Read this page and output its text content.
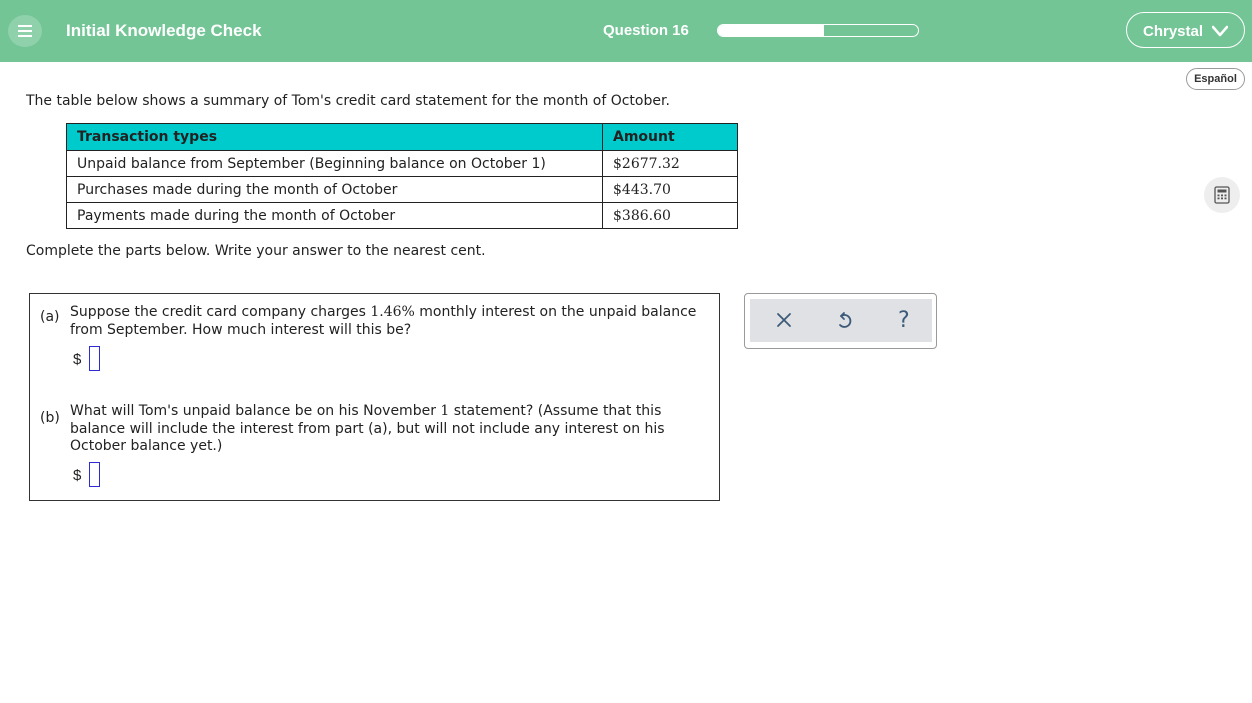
Initial Knowledge Check	Question 16	Chrystal
Español
The table below shows a summary of Tom's credit card statement for the month of October.
Transaction types	Amount
Unpaid balance from September (Beginning balance on October 1)	$2677.32
Purchases made during the month of October	$443.70
Payments made during the month of October	$386.60
Complete the parts below. Write your answer to the nearest cent.
(a) Suppose the credit card company charges 1.46% monthly interest on the unpaid balance from September. How much interest will this be?
$
(b) What will Tom's unpaid balance be on his November 1 statement? (Assume that this balance will include the interest from part (a), but will not include any interest on his October balance yet.)
$
?
